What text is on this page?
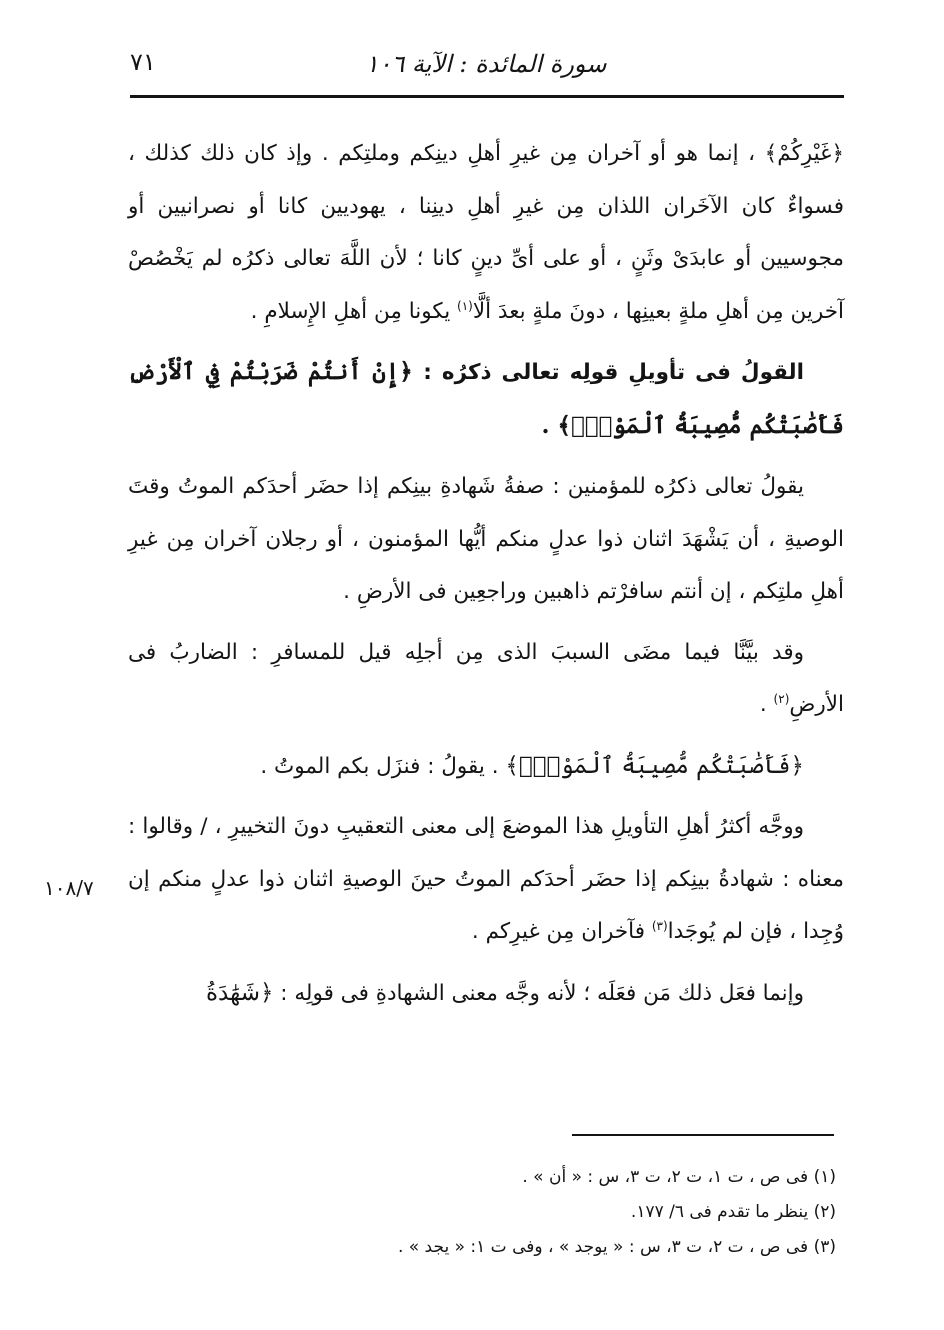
سورة المائدة : الآية ١٠٦
٧١

﴿غَيْرِكُمْ﴾ ، إنما هو أو آخران مِن غيرِ أهلِ دينِكم وملتِكم . وإذ كان ذلك كذلك ، فسواءٌ كان الآخَران اللذان مِن غيرِ أهلِ دينِنا ، يهوديين كانا أو نصرانيين أو مجوسيين أو عابدَىْ وثَنٍ ، أو على أىِّ دينٍ كانا ؛ لأن اللَّهَ تعالى ذكرُه لم يَخْصُصْ آخرين مِن أهلِ ملةٍ بعينِها ، دونَ ملةٍ بعدَ ألَّا$^{(١)}$ يكونا مِن أهلِ الإِسلامِ .

القولُ فى تأويلِ قولِه تعالى ذكرُه : ﴿إِنْ أَنتُمْ ضَرَبْتُمْ فِي ٱلْأَرْضِ فَأَصَٰبَتْكُم مُّصِيبَةُ ٱلْمَوْتِۚ﴾ .

يقولُ تعالى ذكرُه للمؤمنين : صفةُ شَهادةِ بينِكم إذا حضَر أحدَكم الموتُ وقتَ الوصيةِ ، أن يَشْهَدَ اثنان ذوا عدلٍ منكم أيُّها المؤمنون ، أو رجلان آخران مِن غيرِ أهلِ ملتِكم ، إن أنتم سافرْتم ذاهبين وراجعِين فى الأرضِ .

وقد بيَّنَّا فيما مضَى السببَ الذى مِن أجلِه قيل للمسافرِ : الضاربُ فى الأرضِ$^{(٢)}$ .

﴿فَأَصَٰبَتْكُم مُّصِيبَةُ ٱلْمَوْتِۚ﴾ . يقولُ : فنزَل بكم الموتُ .

ووجَّه أكثرُ أهلِ التأويلِ هذا الموضعَ إلى معنى التعقيبِ دونَ التخييرِ ، / وقالوا : معناه : شهادةُ بينِكم إذا حضَر أحدَكم الموتُ حينَ الوصيةِ اثنان ذوا عدلٍ منكم إن وُجِدا ، فإن لم يُوجَدا$^{(٣)}$ فآخران مِن غيرِكم .

وإنما فعَل ذلك مَن فعَلَه ؛ لأنه وجَّه معنى الشهادةِ فى قولِه : ﴿شَهَٰدَةُ

١٠٨/٧

(١) فى ص ، ت ١، ت ٢، ت ٣، س : « أن » .

(٢) ينظر ما تقدم فى ٦/ ١٧٧.

(٣) فى ص ، ت ٢، ت ٣، س : « يوجد » ، وفى ت ١: « يجد » .
